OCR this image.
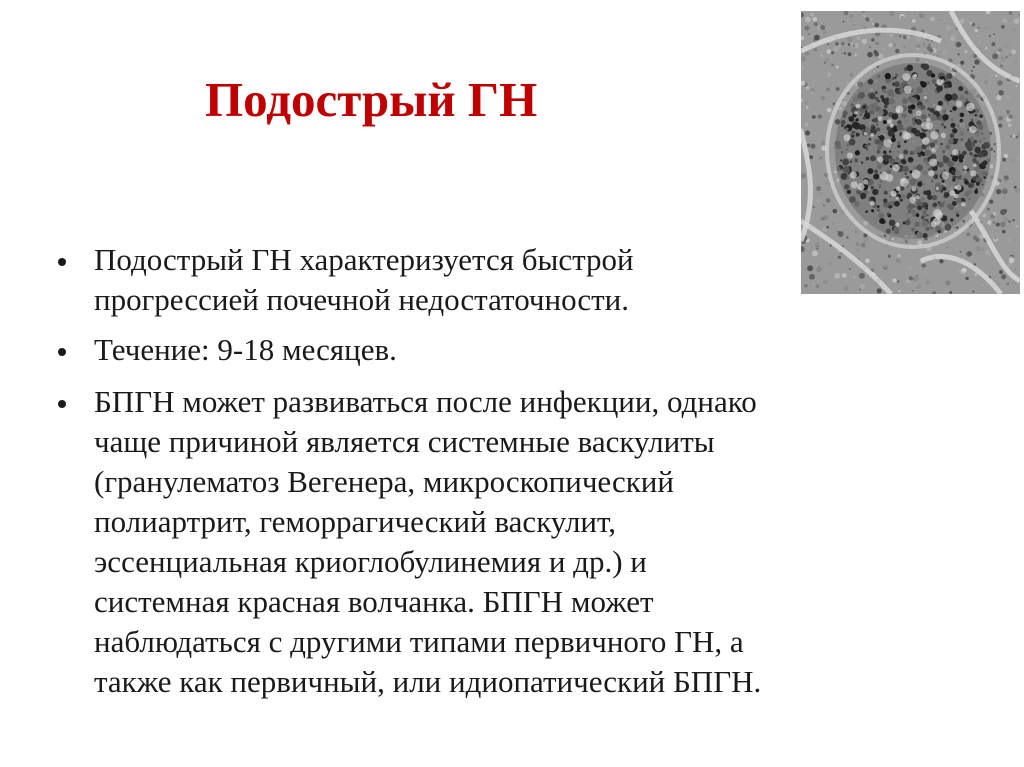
Подострый ГН
Подострый ГН характеризуется быстрой
прогрессией почечной недостаточности.
Течение: 9-18 месяцев.
БПГН может развиваться после инфекции, однако
чаще причиной является системные васкулиты
(гранулематоз Вегенера, микроскопический
полиартрит, геморрагический васкулит,
эссенциальная криоглобулинемия и др.) и
системная красная волчанка. БПГН может
наблюдаться с другими типами первичного ГН, а
также как первичный, или идиопатический БПГН.
